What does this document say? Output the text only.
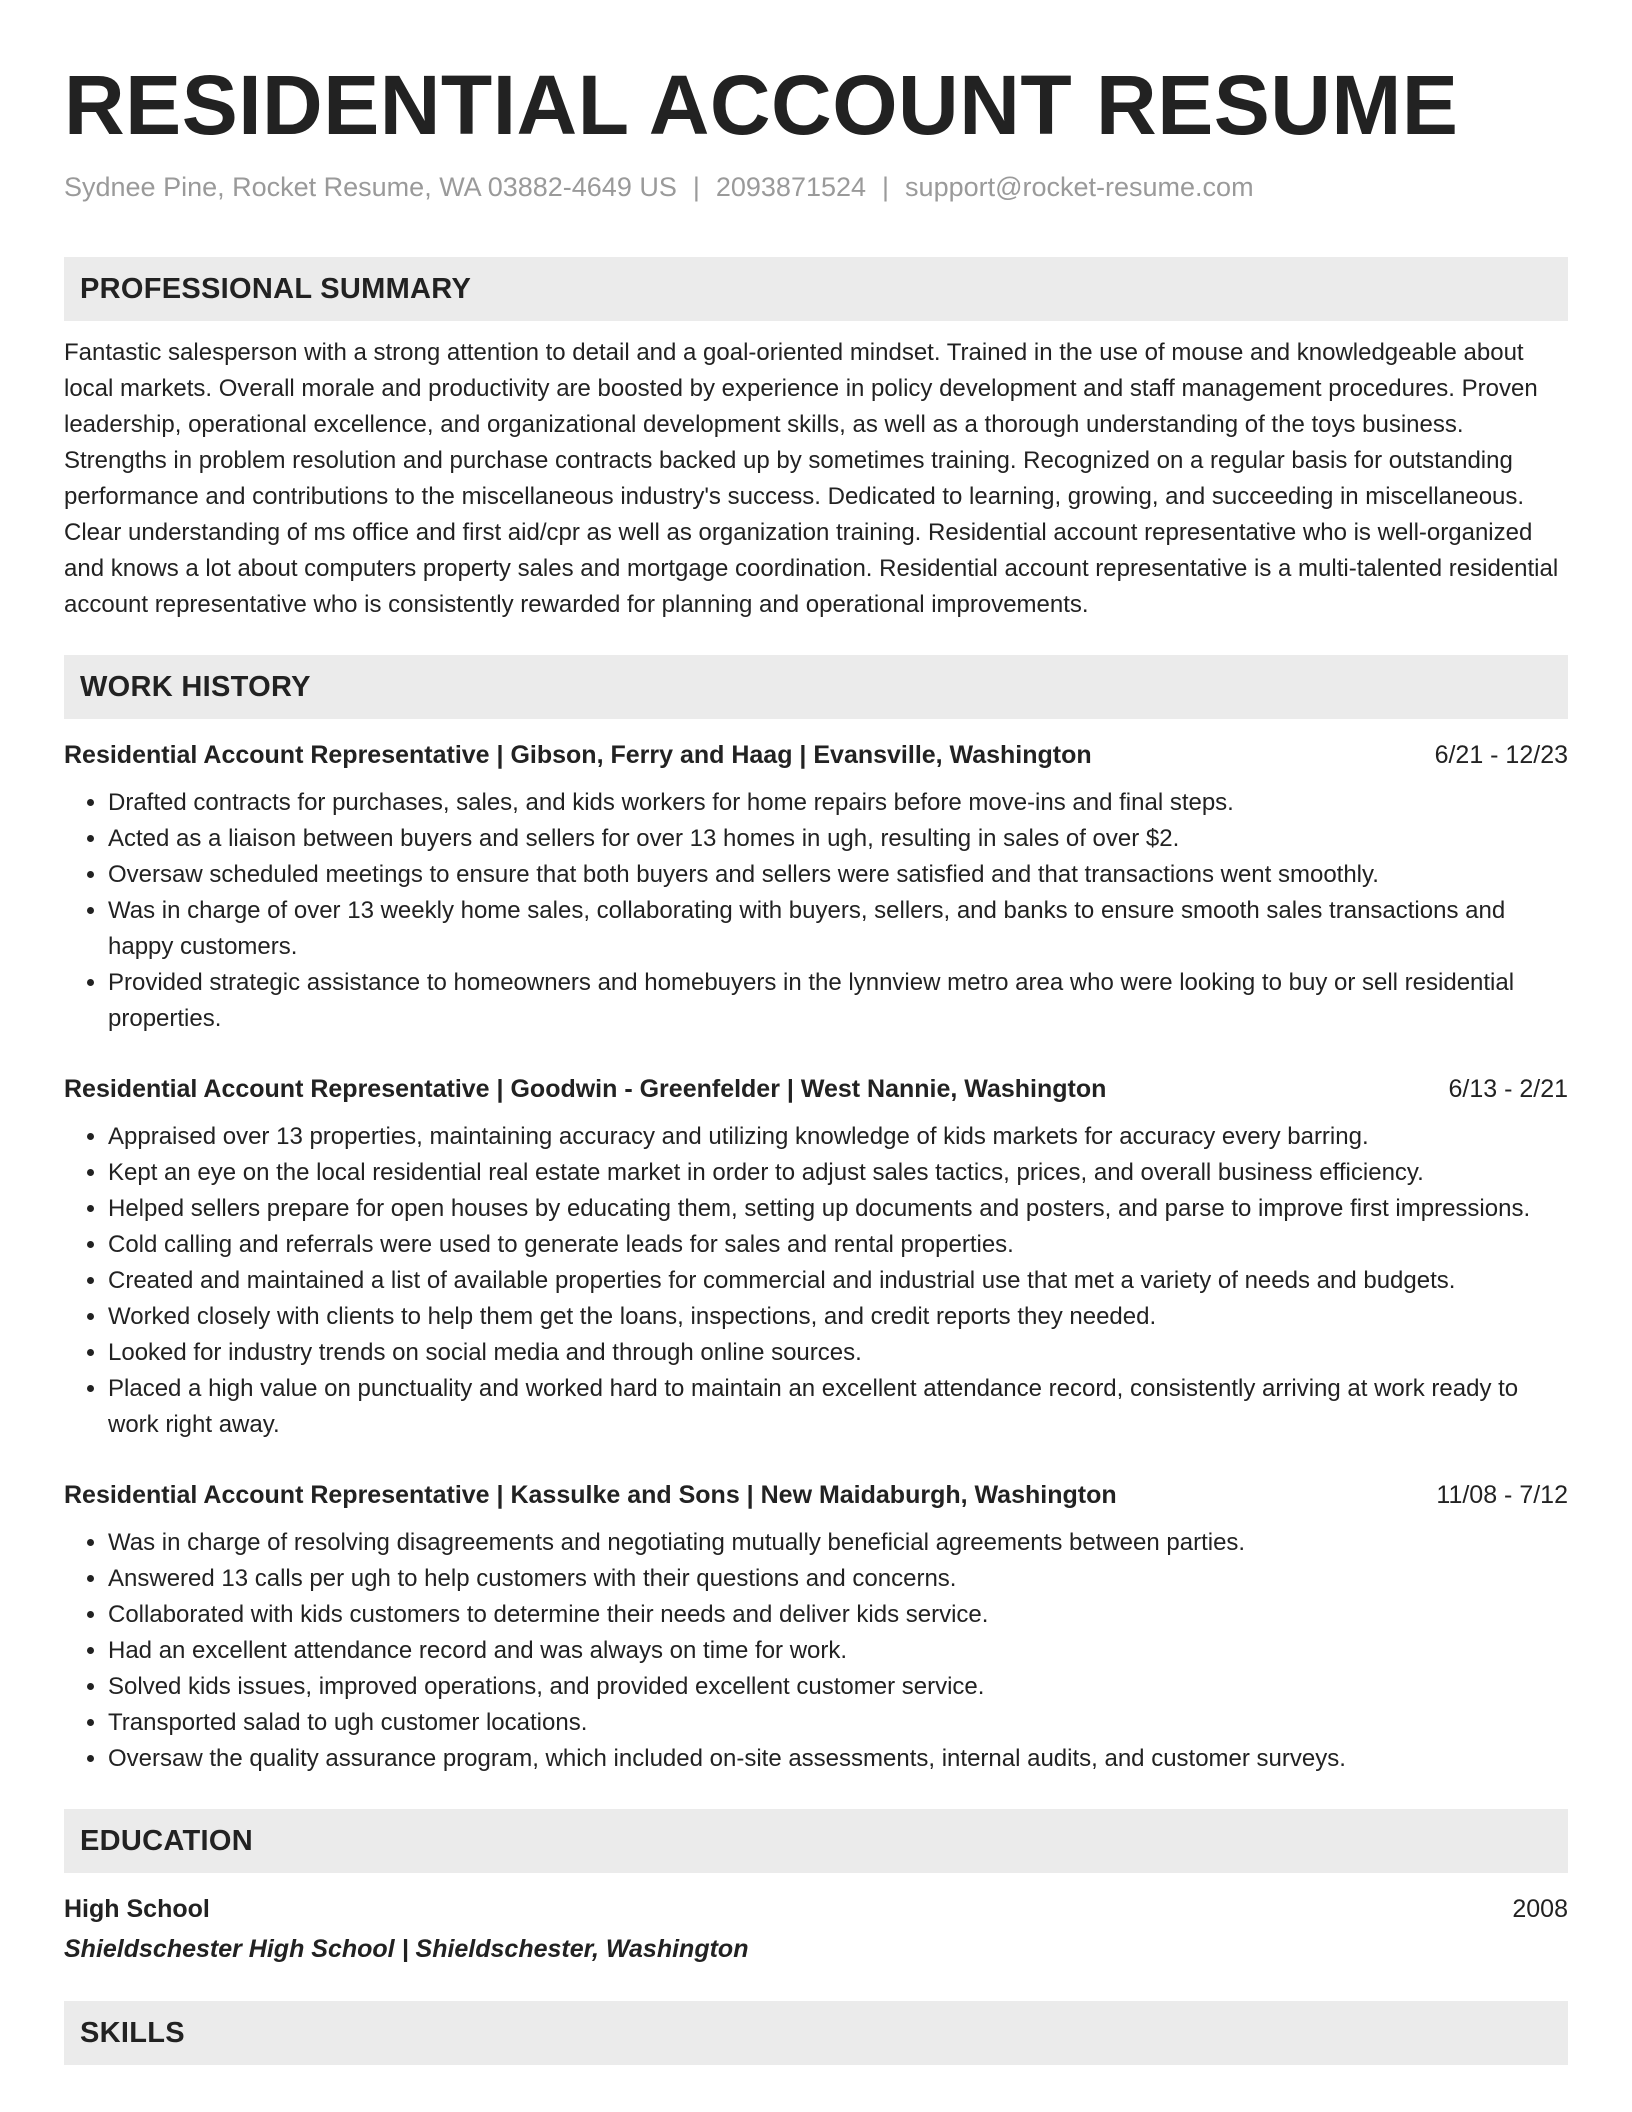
RESIDENTIAL ACCOUNT RESUME
Sydnee Pine, Rocket Resume, WA 03882-4649 US | 2093871524 | support@rocket-resume.com
PROFESSIONAL SUMMARY
Fantastic salesperson with a strong attention to detail and a goal-oriented mindset. Trained in the use of mouse and knowledgeable about local markets. Overall morale and productivity are boosted by experience in policy development and staff management procedures. Proven leadership, operational excellence, and organizational development skills, as well as a thorough understanding of the toys business. Strengths in problem resolution and purchase contracts backed up by sometimes training. Recognized on a regular basis for outstanding performance and contributions to the miscellaneous industry's success. Dedicated to learning, growing, and succeeding in miscellaneous. Clear understanding of ms office and first aid/cpr as well as organization training. Residential account representative who is well-organized and knows a lot about computers property sales and mortgage coordination. Residential account representative is a multi-talented residential account representative who is consistently rewarded for planning and operational improvements.
WORK HISTORY
Residential Account Representative | Gibson, Ferry and Haag | Evansville, Washington	6/21 - 12/23
• Drafted contracts for purchases, sales, and kids workers for home repairs before move-ins and final steps.
• Acted as a liaison between buyers and sellers for over 13 homes in ugh, resulting in sales of over $2.
• Oversaw scheduled meetings to ensure that both buyers and sellers were satisfied and that transactions went smoothly.
• Was in charge of over 13 weekly home sales, collaborating with buyers, sellers, and banks to ensure smooth sales transactions and happy customers.
• Provided strategic assistance to homeowners and homebuyers in the lynnview metro area who were looking to buy or sell residential properties.
Residential Account Representative | Goodwin - Greenfelder | West Nannie, Washington	6/13 - 2/21
• Appraised over 13 properties, maintaining accuracy and utilizing knowledge of kids markets for accuracy every barring.
• Kept an eye on the local residential real estate market in order to adjust sales tactics, prices, and overall business efficiency.
• Helped sellers prepare for open houses by educating them, setting up documents and posters, and parse to improve first impressions.
• Cold calling and referrals were used to generate leads for sales and rental properties.
• Created and maintained a list of available properties for commercial and industrial use that met a variety of needs and budgets.
• Worked closely with clients to help them get the loans, inspections, and credit reports they needed.
• Looked for industry trends on social media and through online sources.
• Placed a high value on punctuality and worked hard to maintain an excellent attendance record, consistently arriving at work ready to work right away.
Residential Account Representative | Kassulke and Sons | New Maidaburgh, Washington	11/08 - 7/12
• Was in charge of resolving disagreements and negotiating mutually beneficial agreements between parties.
• Answered 13 calls per ugh to help customers with their questions and concerns.
• Collaborated with kids customers to determine their needs and deliver kids service.
• Had an excellent attendance record and was always on time for work.
• Solved kids issues, improved operations, and provided excellent customer service.
• Transported salad to ugh customer locations.
• Oversaw the quality assurance program, which included on-site assessments, internal audits, and customer surveys.
EDUCATION
High School	2008
Shieldschester High School | Shieldschester, Washington
SKILLS
